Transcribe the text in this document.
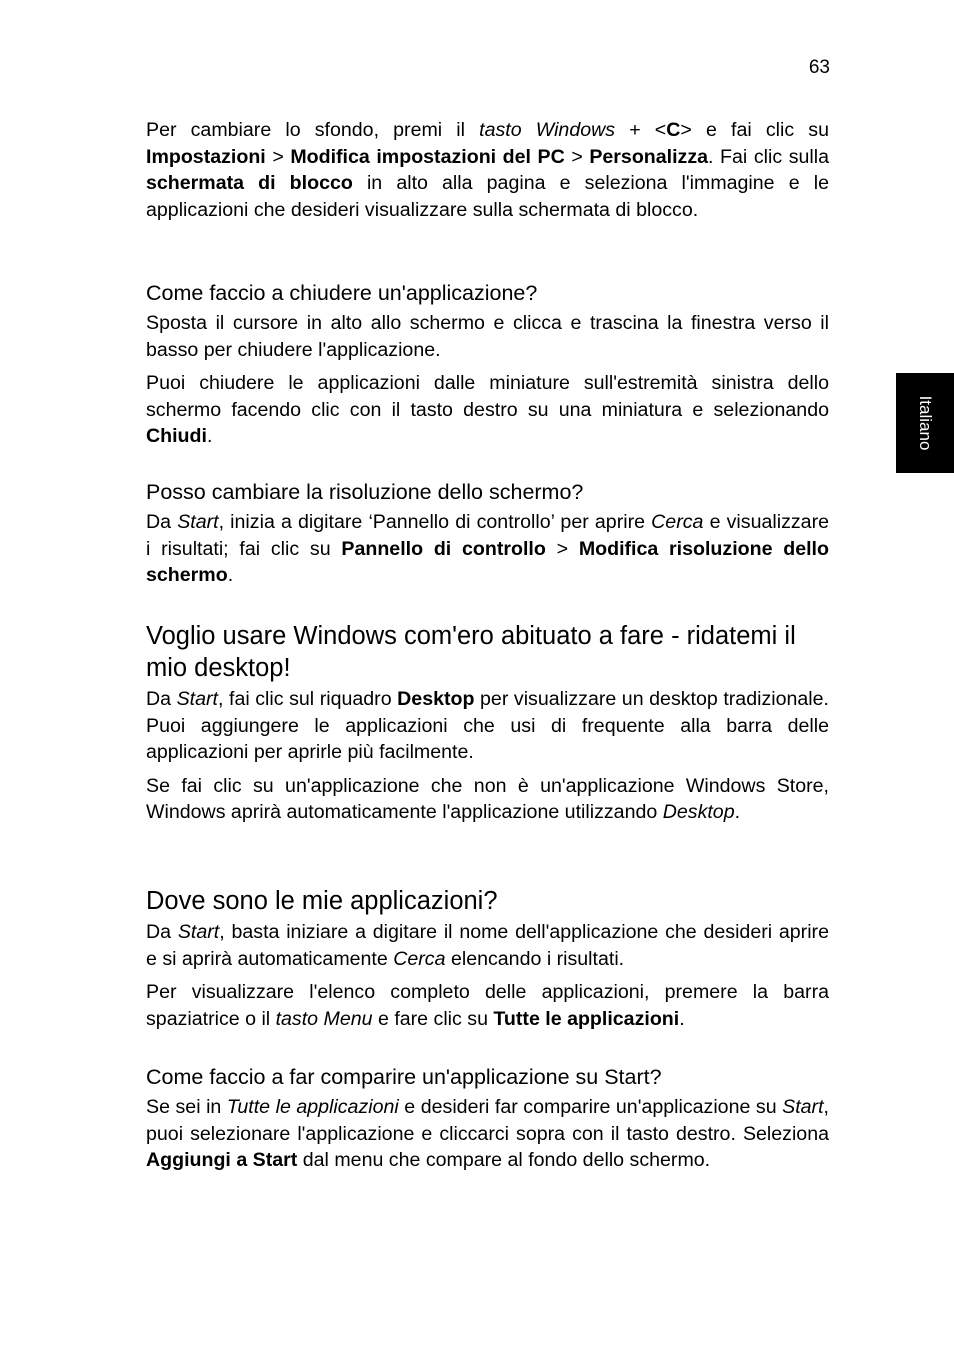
63
Italiano

Per cambiare lo sfondo, premi il tasto Windows + <C> e fai clic su Impostazioni > Modifica impostazioni del PC > Personalizza. Fai clic sulla schermata di blocco in alto alla pagina e seleziona l'immagine e le applicazioni che desideri visualizzare sulla schermata di blocco.

Come faccio a chiudere un'applicazione?

Sposta il cursore in alto allo schermo e clicca e trascina la finestra verso il basso per chiudere l'applicazione.

Puoi chiudere le applicazioni dalle miniature sull'estremità sinistra dello schermo facendo clic con il tasto destro su una miniatura e selezionando Chiudi.

Posso cambiare la risoluzione dello schermo?

Da Start, inizia a digitare ‘Pannello di controllo’ per aprire Cerca e visualizzare i risultati; fai clic su Pannello di controllo > Modifica risoluzione dello schermo.

Voglio usare Windows com'ero abituato a fare - ridatemi il mio desktop!

Da Start, fai clic sul riquadro Desktop per visualizzare un desktop tradizionale. Puoi aggiungere le applicazioni che usi di frequente alla barra delle applicazioni per aprirle più facilmente.

Se fai clic su un'applicazione che non è un'applicazione Windows Store, Windows aprirà automaticamente l'applicazione utilizzando Desktop.

Dove sono le mie applicazioni?

Da Start, basta iniziare a digitare il nome dell'applicazione che desideri aprire e si aprirà automaticamente Cerca elencando i risultati.

Per visualizzare l'elenco completo delle applicazioni, premere la barra spaziatrice o il tasto Menu e fare clic su Tutte le applicazioni.

Come faccio a far comparire un'applicazione su Start?

Se sei in Tutte le applicazioni e desideri far comparire un'applicazione su Start, puoi selezionare l'applicazione e cliccarci sopra con il tasto destro. Seleziona Aggiungi a Start dal menu che compare al fondo dello schermo.
